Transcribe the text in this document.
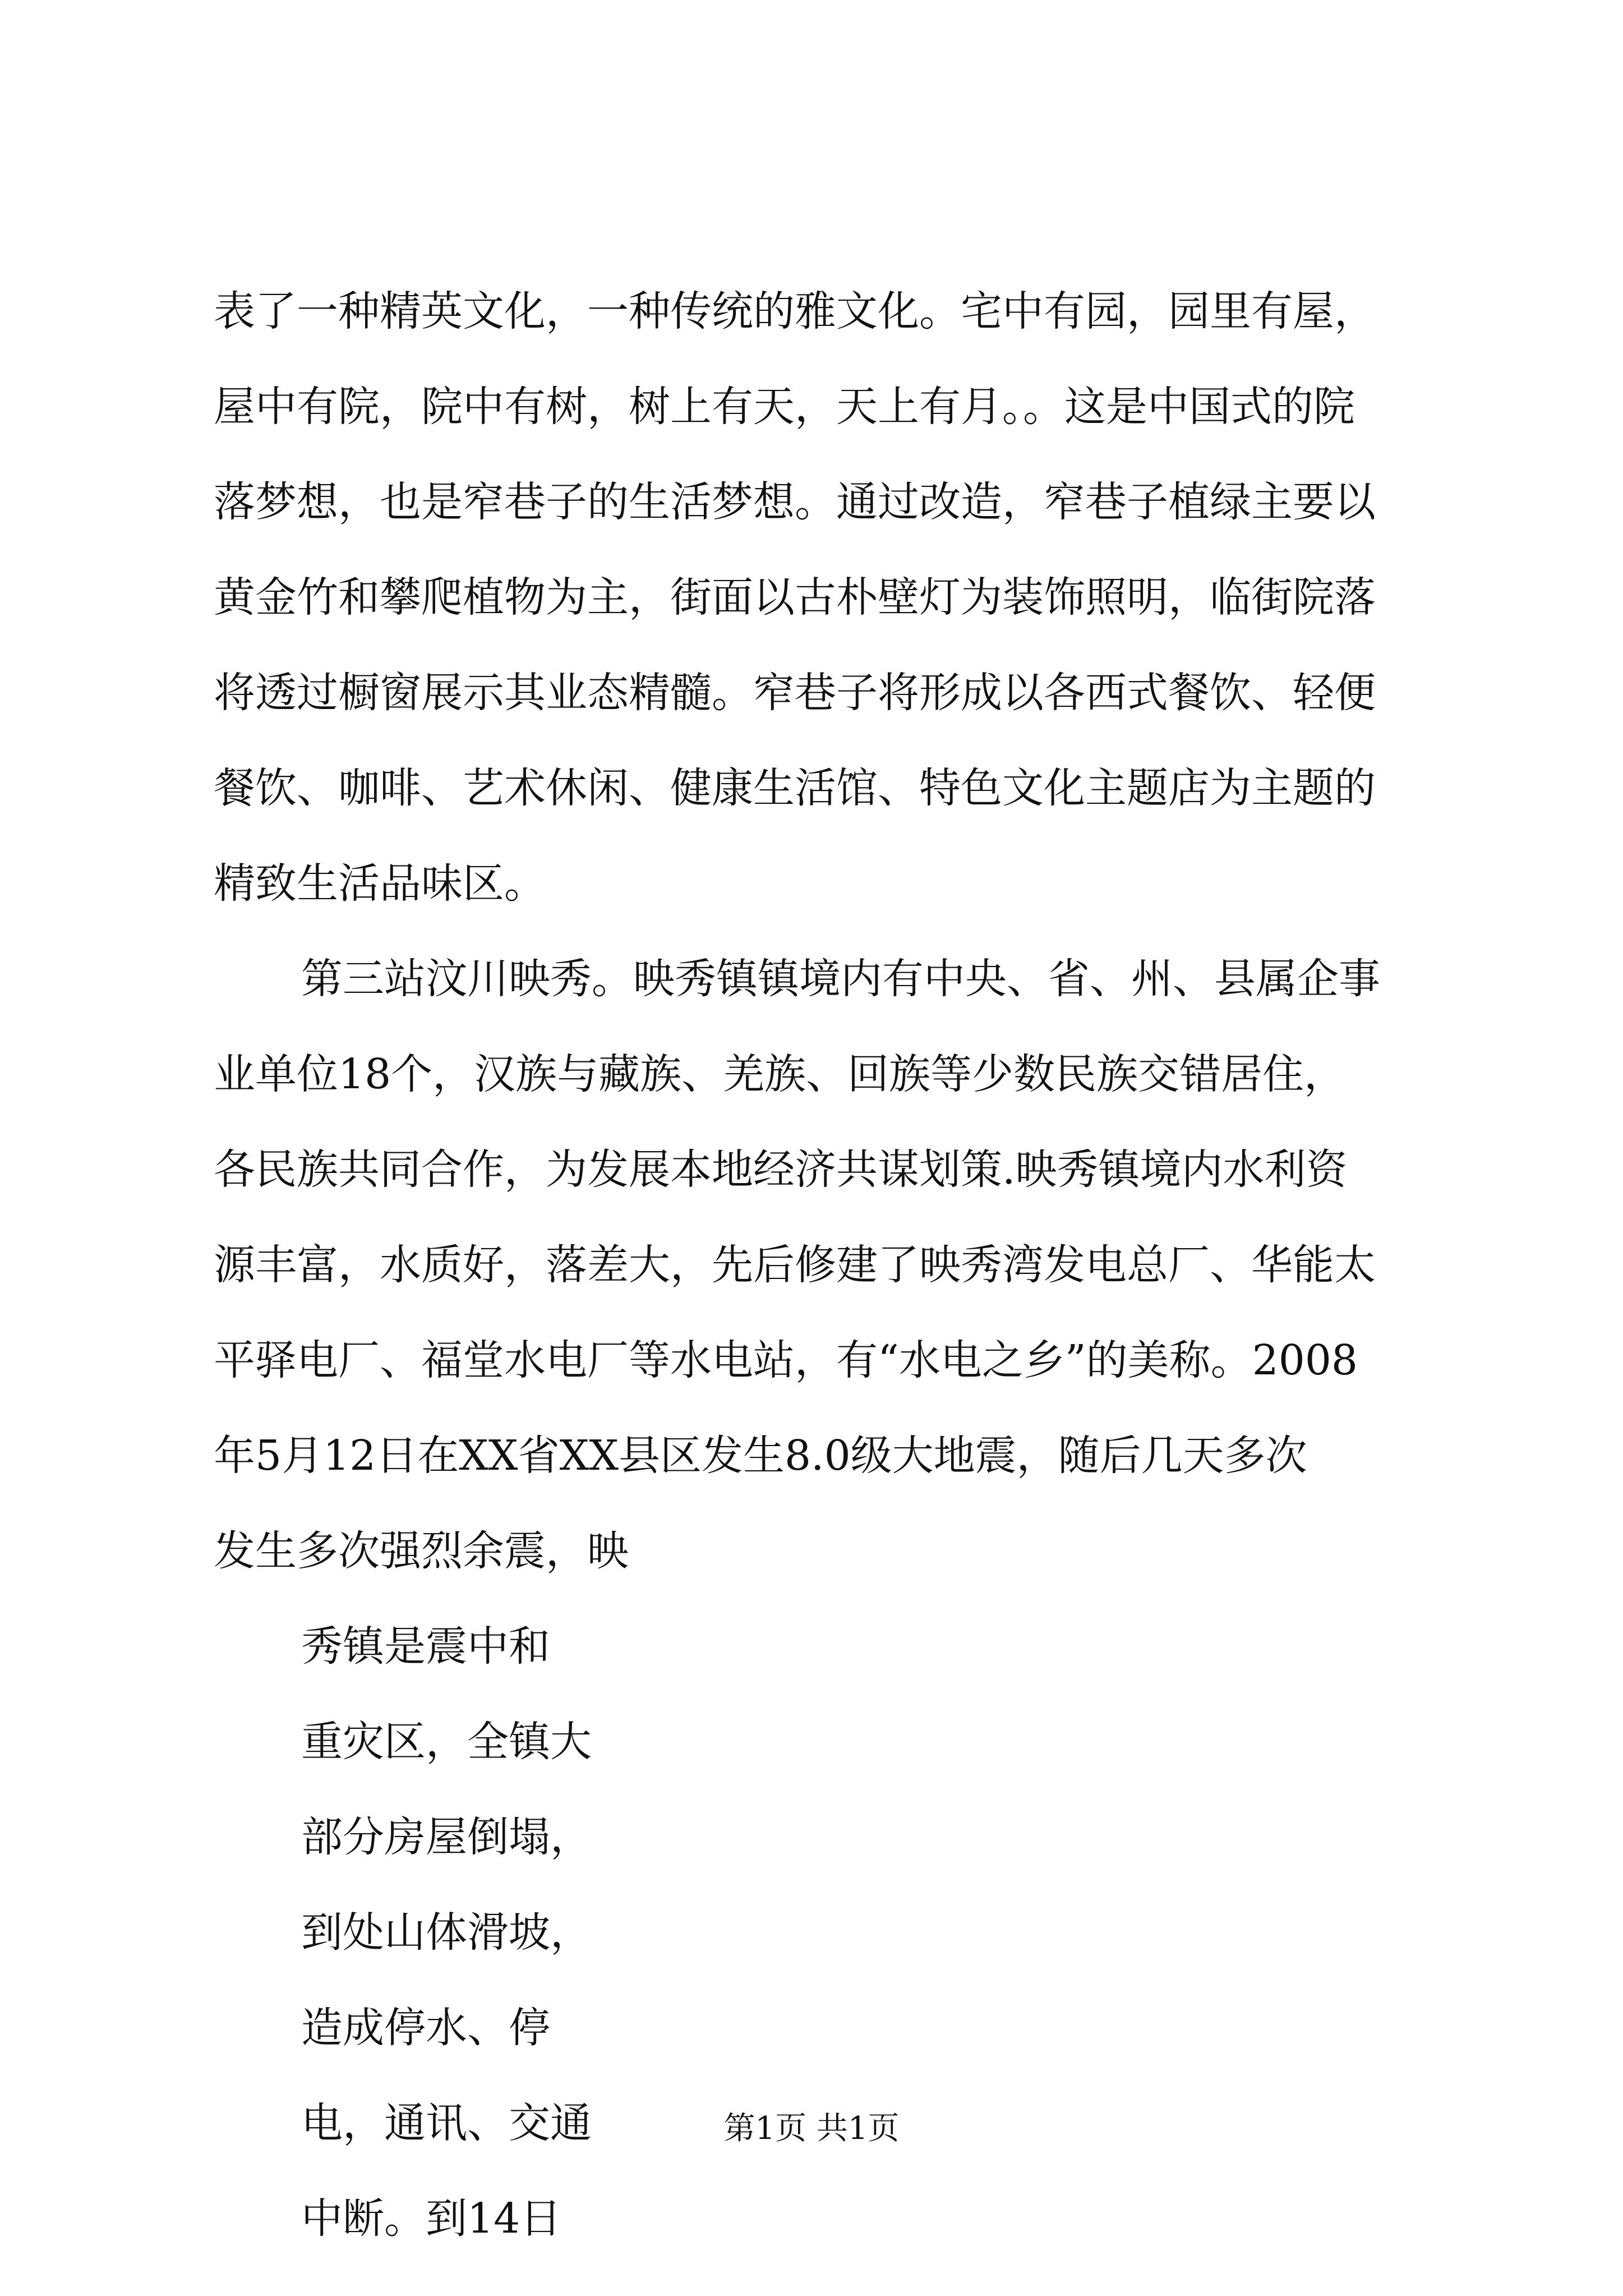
表了一种精英文化，一种传统的雅文化。宅中有园，园里有屋，
屋中有院，院中有树，树上有天，天上有月。。这是中国式的院
落梦想，也是窄巷子的生活梦想。通过改造，窄巷子植绿主要以
黄金竹和攀爬植物为主，街面以古朴壁灯为装饰照明，临街院落
将透过橱窗展示其业态精髓。窄巷子将形成以各西式餐饮、轻便
餐饮、咖啡、艺术休闲、健康生活馆、特色文化主题店为主题的
精致生活品味区。
第三站汶川映秀。映秀镇镇境内有中央、省、州、县属企事
业单位18个，汉族与藏族、羌族、回族等少数民族交错居住，
各民族共同合作，为发展本地经济共谋划策.映秀镇境内水利资
源丰富，水质好，落差大，先后修建了映秀湾发电总厂、华能太
平驿电厂、福堂水电厂等水电站，有“水电之乡”的美称。2008
年5月12日在XX省XX县区发生8.0级大地震，随后几天多次
发生多次强烈余震，映
秀镇是震中和
重灾区，全镇大
部分房屋倒塌，
到处山体滑坡，
造成停水、停
电，通讯、交通
中断。到14日
第1页 共1页
